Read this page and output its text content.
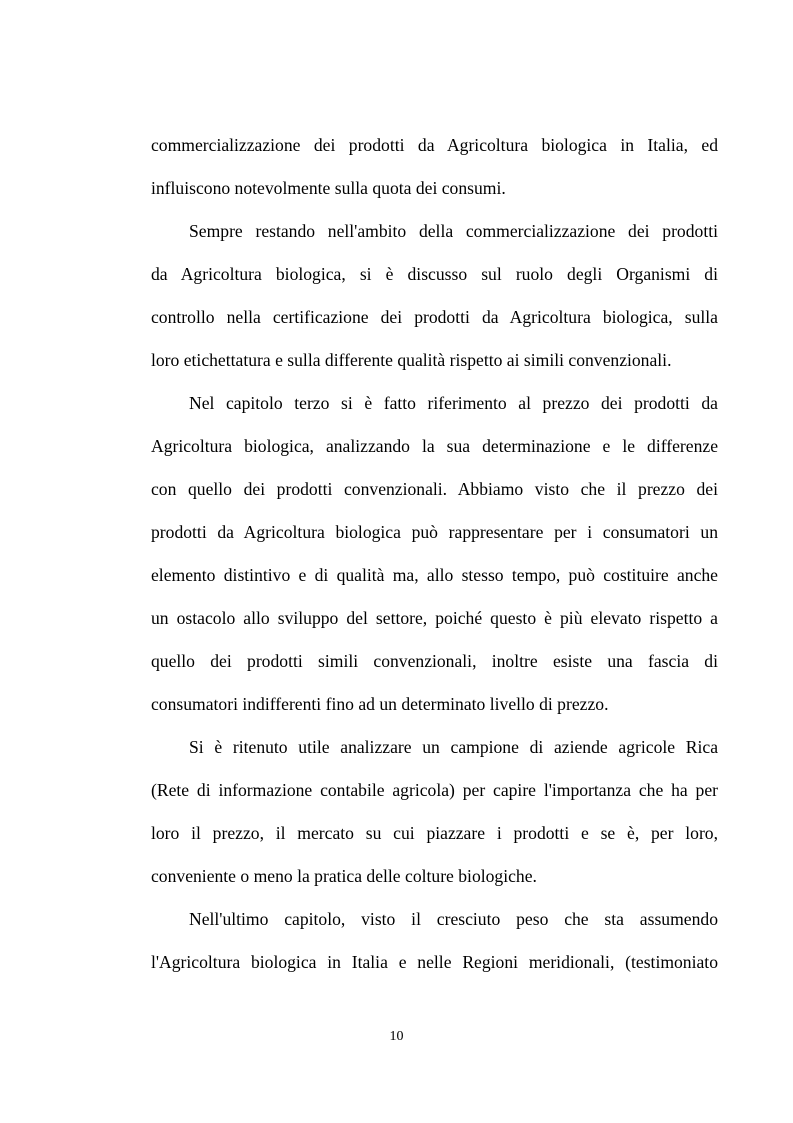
commercializzazione dei prodotti da Agricoltura biologica in Italia, ed
influiscono notevolmente sulla quota dei consumi.
Sempre restando nell'ambito della commercializzazione dei prodotti
da Agricoltura biologica, si è discusso sul ruolo degli Organismi di
controllo nella certificazione dei prodotti da Agricoltura biologica, sulla
loro etichettatura e sulla differente qualità rispetto ai simili convenzionali.
Nel capitolo terzo si è fatto riferimento al prezzo dei prodotti da
Agricoltura biologica, analizzando la sua determinazione e le differenze
con quello dei prodotti convenzionali. Abbiamo visto che il prezzo dei
prodotti da Agricoltura biologica può rappresentare per i consumatori un
elemento distintivo e di qualità ma, allo stesso tempo, può costituire anche
un ostacolo allo sviluppo del settore, poiché questo è più elevato rispetto a
quello dei prodotti simili convenzionali, inoltre esiste una fascia di
consumatori indifferenti fino ad un determinato livello di prezzo.
Si è ritenuto utile analizzare un campione di aziende agricole Rica
(Rete di informazione contabile agricola) per capire l'importanza che ha per
loro il prezzo, il mercato su cui piazzare i prodotti e se è, per loro,
conveniente o meno la pratica delle colture biologiche.
Nell'ultimo capitolo, visto il cresciuto peso che sta assumendo
l'Agricoltura biologica in Italia e nelle Regioni meridionali, (testimoniato
10
